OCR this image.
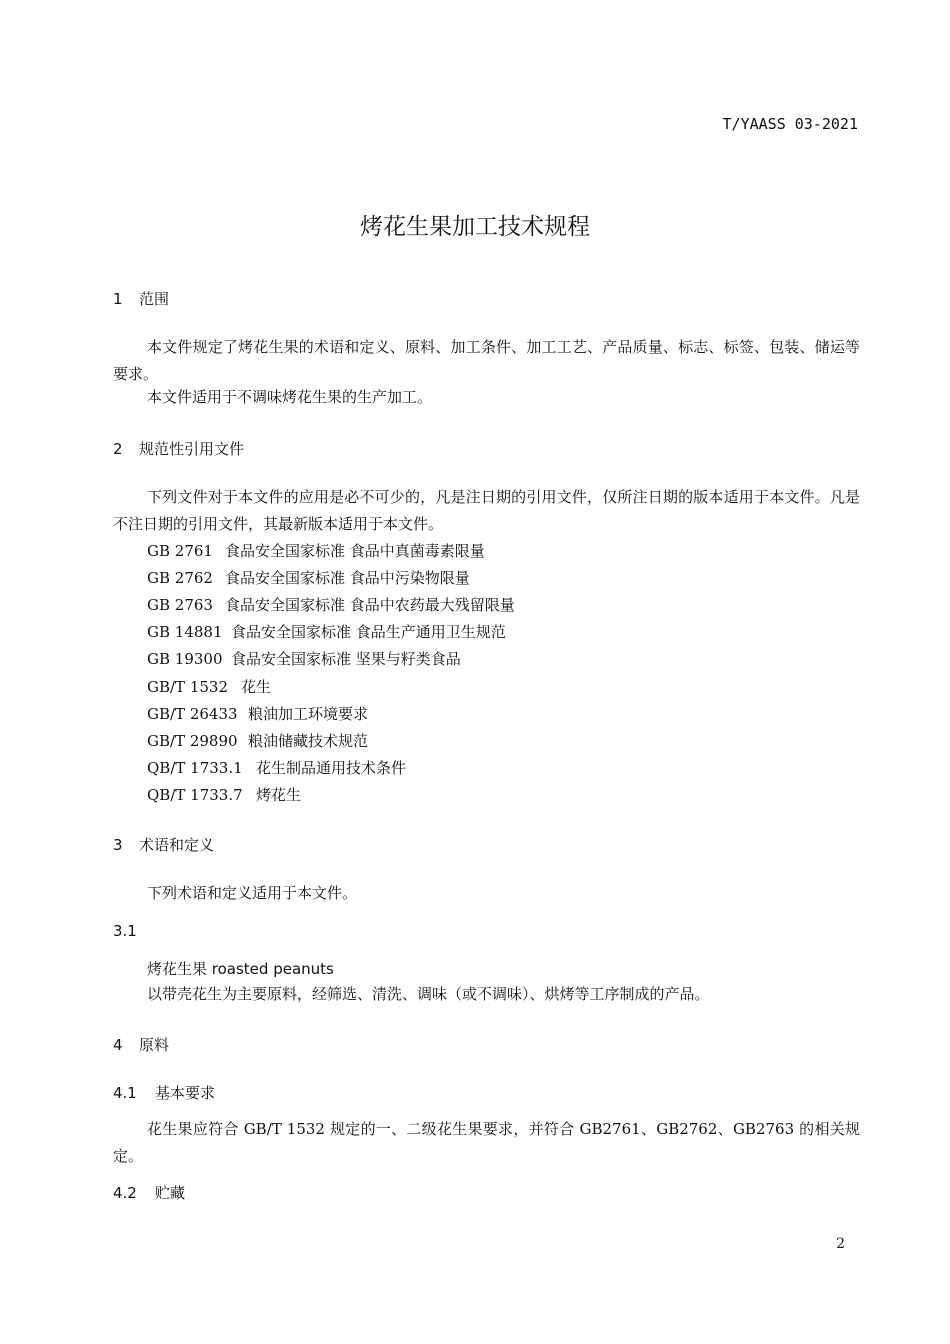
T/YAASS 03-2021
烤花生果加工技术规程
1 范围
本文件规定了烤花生果的术语和定义、原料、加工条件、加工工艺、产品质量、标志、标签、包装、储运等要求。
本文件适用于不调味烤花生果的生产加工。
2 规范性引用文件
下列文件对于本文件的应用是必不可少的，凡是注日期的引用文件，仅所注日期的版本适用于本文件。凡是不注日期的引用文件，其最新版本适用于本文件。
GB 2761 食品安全国家标准 食品中真菌毒素限量
GB 2762 食品安全国家标准 食品中污染物限量
GB 2763 食品安全国家标准 食品中农药最大残留限量
GB 14881 食品安全国家标准 食品生产通用卫生规范
GB 19300 食品安全国家标准 坚果与籽类食品
GB/T 1532 花生
GB/T 26433 粮油加工环境要求
GB/T 29890 粮油储藏技术规范
QB/T 1733.1 花生制品通用技术条件
QB/T 1733.7 烤花生
3 术语和定义
下列术语和定义适用于本文件。
3.1
烤花生果 roasted peanuts
以带壳花生为主要原料，经筛选、清洗、调味（或不调味）、烘烤等工序制成的产品。
4 原料
4.1 基本要求
花生果应符合 GB/T 1532 规定的一、二级花生果要求，并符合 GB2761、GB2762、GB2763 的相关规定。
4.2 贮藏
2
